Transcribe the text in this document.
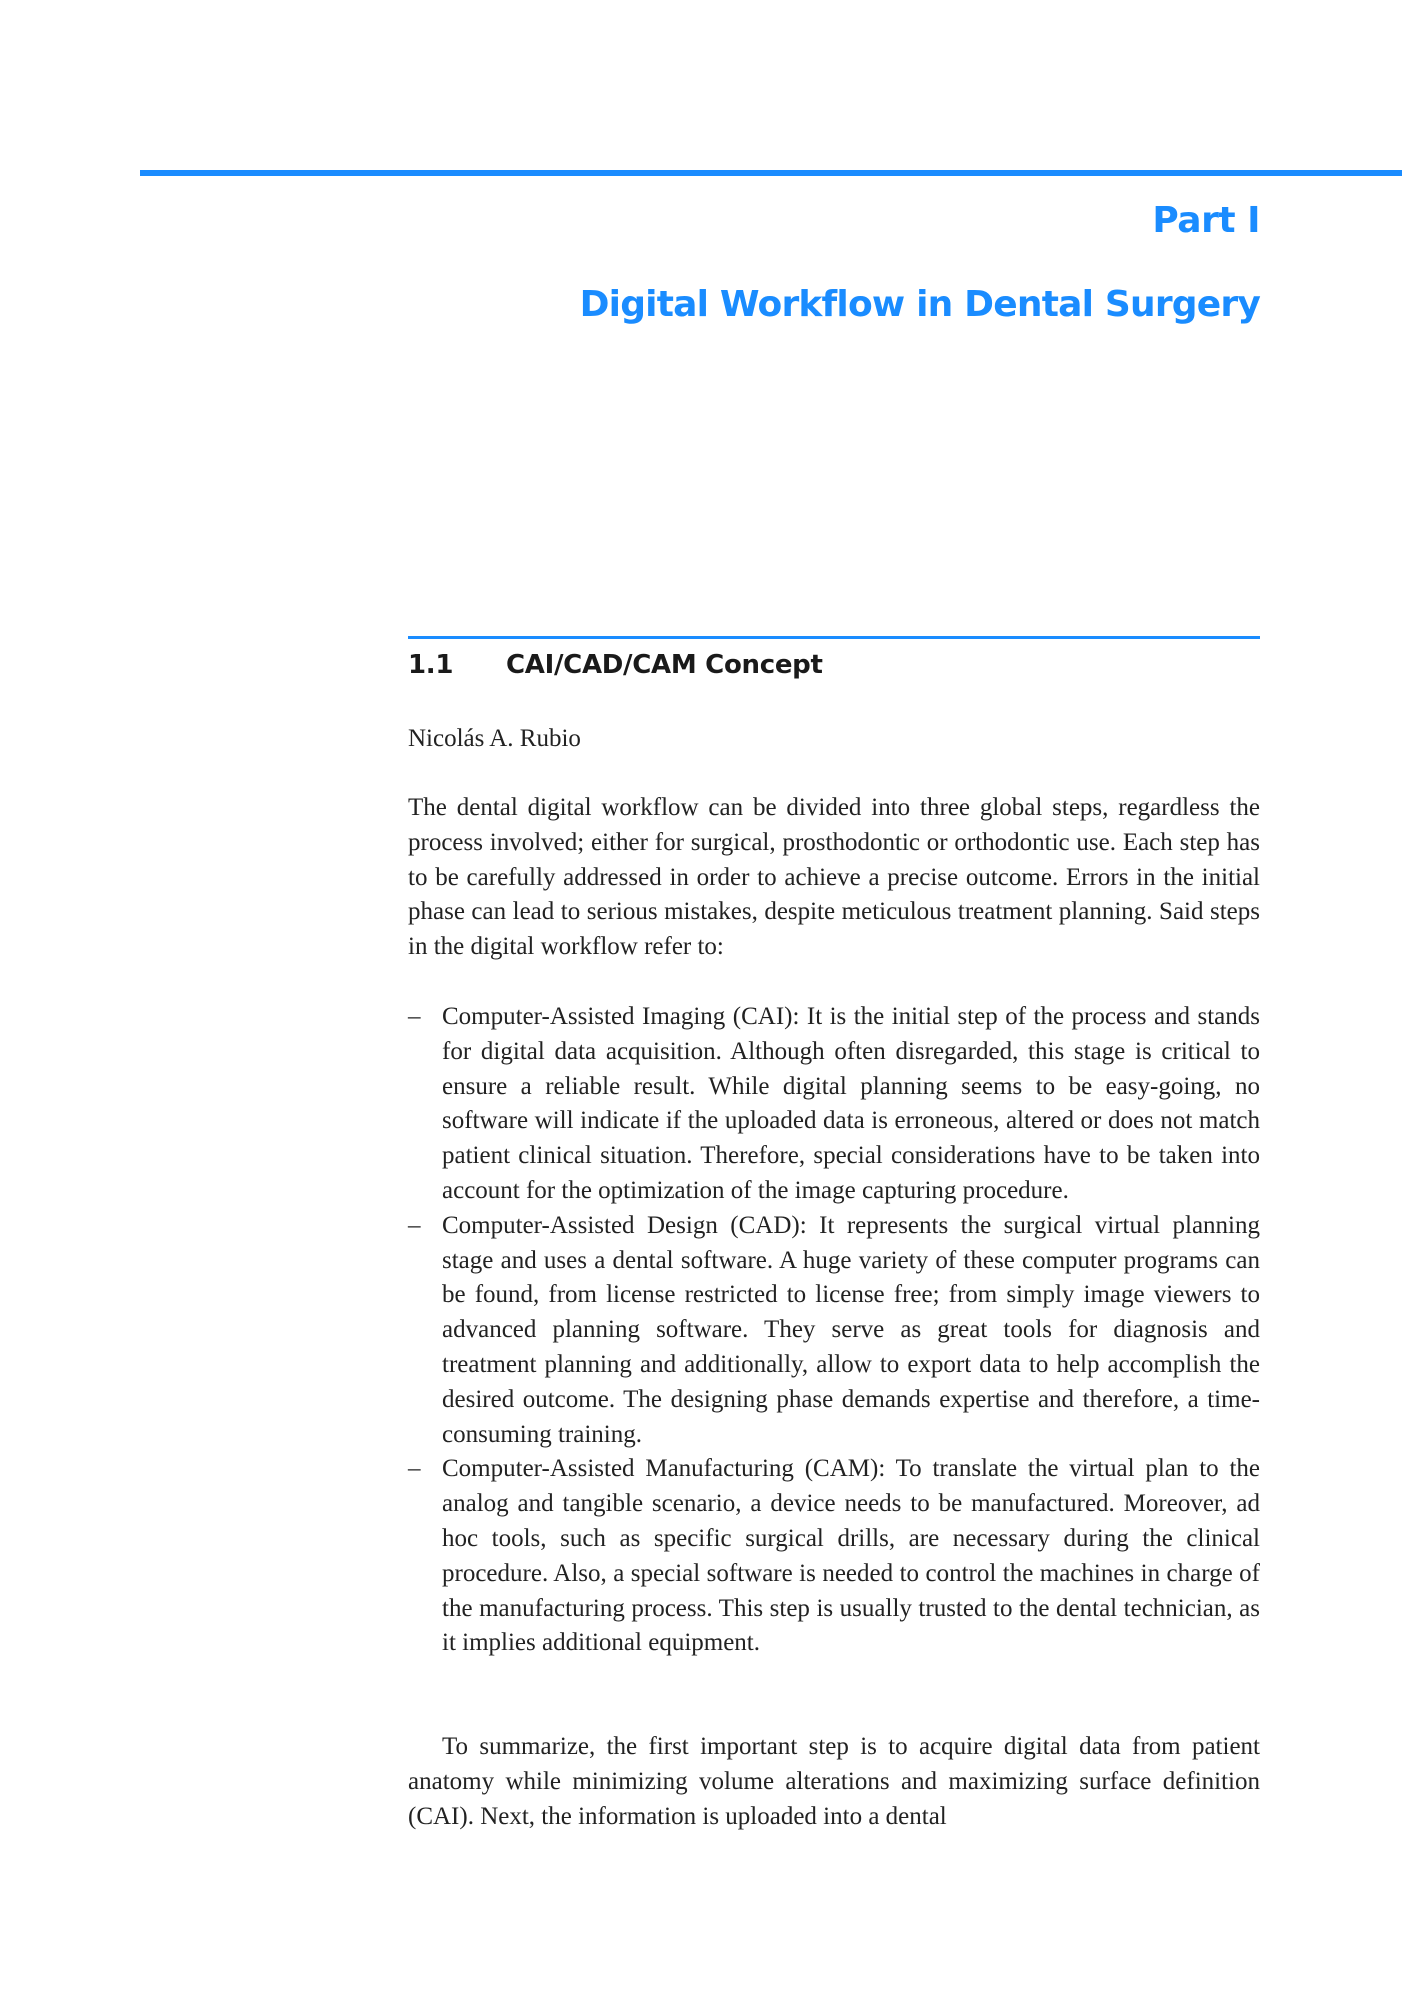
Part I
Digital Workflow in Dental Surgery
1.1	CAI/CAD/CAM Concept

Nicolás A. Rubio

The dental digital workflow can be divided into three global steps, regardless the process involved; either for surgical, prosthodontic or orthodontic use. Each step has to be carefully addressed in order to achieve a precise outcome. Errors in the initial phase can lead to serious mistakes, despite meticulous treatment planning. Said steps in the digital workflow refer to:

– Computer-Assisted Imaging (CAI): It is the initial step of the process and stands for digital data acquisition. Although often disregarded, this stage is critical to ensure a reliable result. While digital planning seems to be easy-going, no software will indicate if the uploaded data is erroneous, altered or does not match patient clinical situation. Therefore, special considerations have to be taken into account for the optimization of the image capturing procedure.
– Computer-Assisted Design (CAD): It represents the surgical virtual planning stage and uses a dental software. A huge variety of these computer programs can be found, from license restricted to license free; from simply image viewers to advanced planning software. They serve as great tools for diagnosis and treatment planning and additionally, allow to export data to help accomplish the desired outcome. The designing phase demands expertise and therefore, a time-consuming training.
– Computer-Assisted Manufacturing (CAM): To translate the virtual plan to the analog and tangible scenario, a device needs to be manufactured. Moreover, ad hoc tools, such as specific surgical drills, are necessary during the clinical procedure. Also, a special software is needed to control the machines in charge of the manufacturing process. This step is usually trusted to the dental technician, as it implies additional equipment.

To summarize, the first important step is to acquire digital data from patient anatomy while minimizing volume alterations and maximizing surface definition (CAI). Next, the information is uploaded into a dental
